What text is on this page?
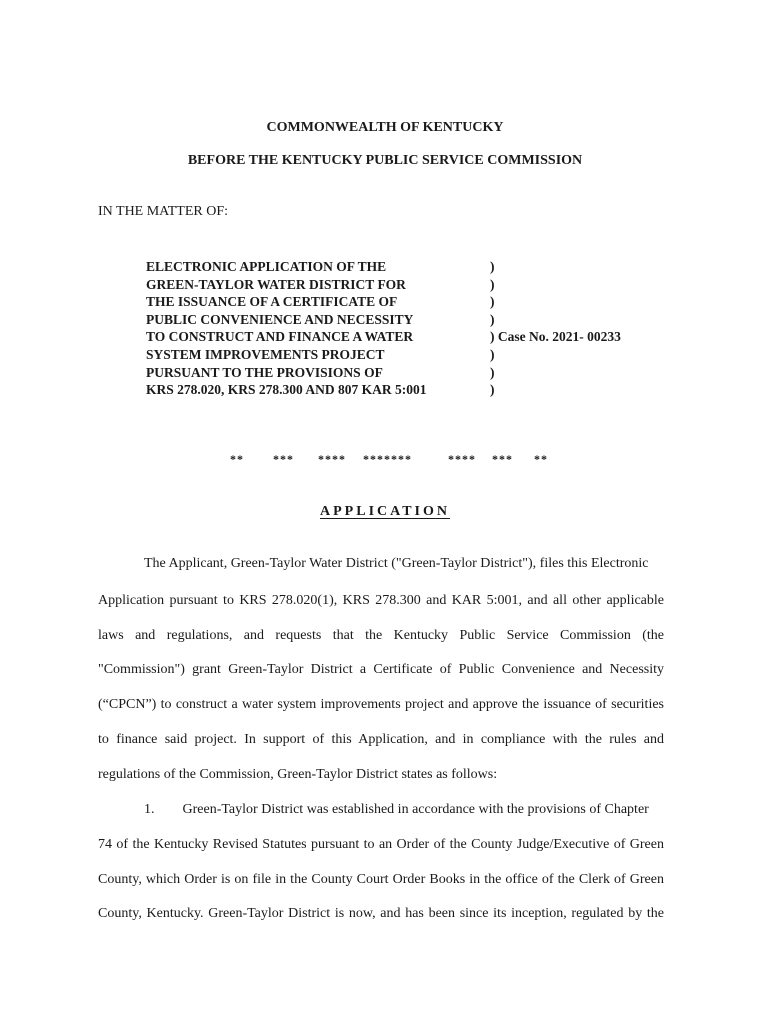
COMMONWEALTH OF KENTUCKY
BEFORE THE KENTUCKY PUBLIC SERVICE COMMISSION
IN THE MATTER OF:
ELECTRONIC APPLICATION OF THE
GREEN-TAYLOR WATER DISTRICT FOR
THE ISSUANCE OF A CERTIFICATE OF
PUBLIC CONVENIENCE AND NECESSITY
TO CONSTRUCT AND FINANCE A WATER
SYSTEM IMPROVEMENTS PROJECT
PURSUANT TO THE PROVISIONS OF
KRS 278.020, KRS 278.300 AND 807 KAR 5:001
)
)
)
)
) Case No. 2021- 00233
)
)
)
** *** **** *******	**** *** **
APPLICATION
The Applicant, Green-Taylor Water District ("Green-Taylor District"), files this Electronic
Application pursuant to KRS 278.020(1), KRS 278.300 and KAR 5:001, and all other applicable
laws and regulations, and requests that the Kentucky Public Service Commission (the
"Commission") grant Green-Taylor District a Certificate of Public Convenience and Necessity
(“CPCN”) to construct a water system improvements project and approve the issuance of securities
to finance said project. In support of this Application, and in compliance with the rules and
regulations of the Commission, Green-Taylor District states as follows:
1.        Green-Taylor District was established in accordance with the provisions of Chapter
74 of the Kentucky Revised Statutes pursuant to an Order of the County Judge/Executive of Green
County, which Order is on file in the County Court Order Books in the office of the Clerk of Green
County, Kentucky. Green-Taylor District is now, and has been since its inception, regulated by the
